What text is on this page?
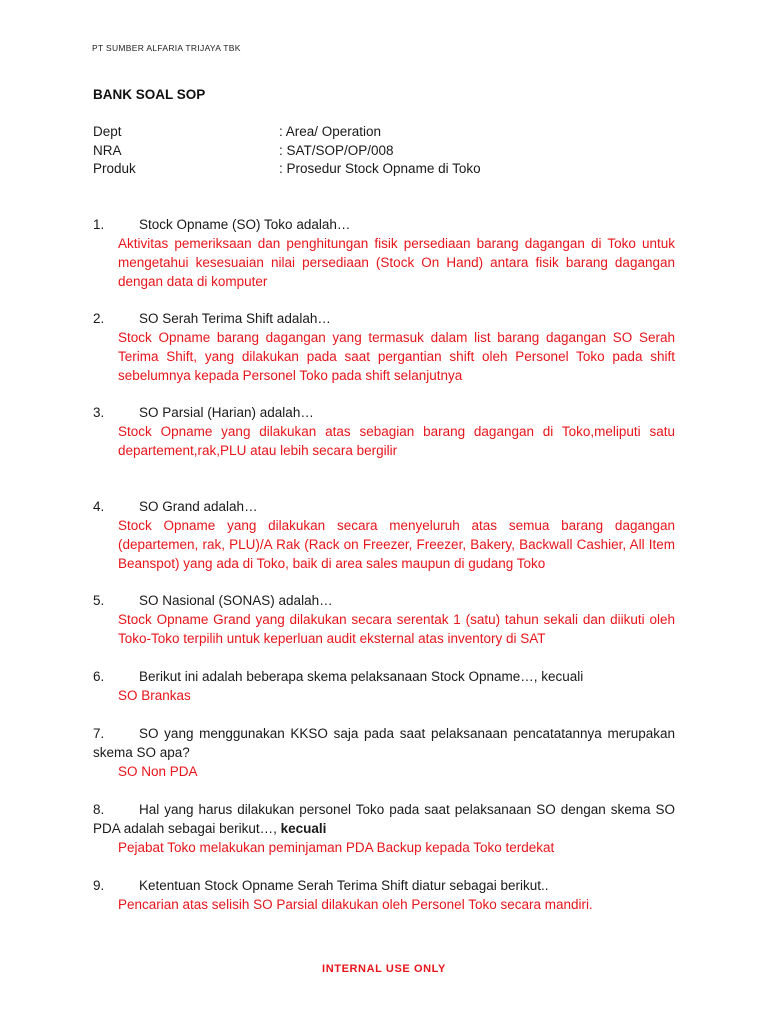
PT SUMBER ALFARIA TRIJAYA TBK
BANK SOAL SOP
Dept	: Area/ Operation
NRA	: SAT/SOP/OP/008
Produk	: Prosedur Stock Opname di Toko
1.	Stock Opname (SO) Toko adalah…
Aktivitas pemeriksaan dan penghitungan fisik persediaan barang dagangan di Toko untuk mengetahui kesesuaian nilai persediaan (Stock On Hand) antara fisik barang dagangan dengan data di komputer
2.	SO Serah Terima Shift adalah…
Stock Opname barang dagangan yang termasuk dalam list barang dagangan SO Serah Terima Shift, yang dilakukan pada saat pergantian shift oleh Personel Toko pada shift sebelumnya kepada Personel Toko pada shift selanjutnya
3.	SO Parsial (Harian) adalah…
Stock Opname yang dilakukan atas sebagian barang dagangan di Toko,meliputi satu departement,rak,PLU atau lebih secara bergilir
4.	SO Grand adalah…
Stock Opname yang dilakukan secara menyeluruh atas semua barang dagangan (departemen, rak, PLU)/A Rak (Rack on Freezer, Freezer, Bakery, Backwall Cashier, All Item Beanspot) yang ada di Toko, baik di area sales maupun di gudang Toko
5.	SO Nasional (SONAS) adalah…
Stock Opname Grand yang dilakukan secara serentak 1 (satu) tahun sekali dan diikuti oleh Toko-Toko terpilih untuk keperluan audit eksternal atas inventory di SAT
6.	Berikut ini adalah beberapa skema pelaksanaan Stock Opname…, kecuali
SO Brankas
7.	SO yang menggunakan KKSO saja pada saat pelaksanaan pencatatannya merupakan skema SO apa?
SO Non PDA
8.	Hal yang harus dilakukan personel Toko pada saat pelaksanaan SO dengan skema SO PDA adalah sebagai berikut…, kecuali
Pejabat Toko melakukan peminjaman PDA Backup kepada Toko terdekat
9.	Ketentuan Stock Opname Serah Terima Shift diatur sebagai berikut..
Pencarian atas selisih SO Parsial dilakukan oleh Personel Toko secara mandiri.
INTERNAL USE ONLY
